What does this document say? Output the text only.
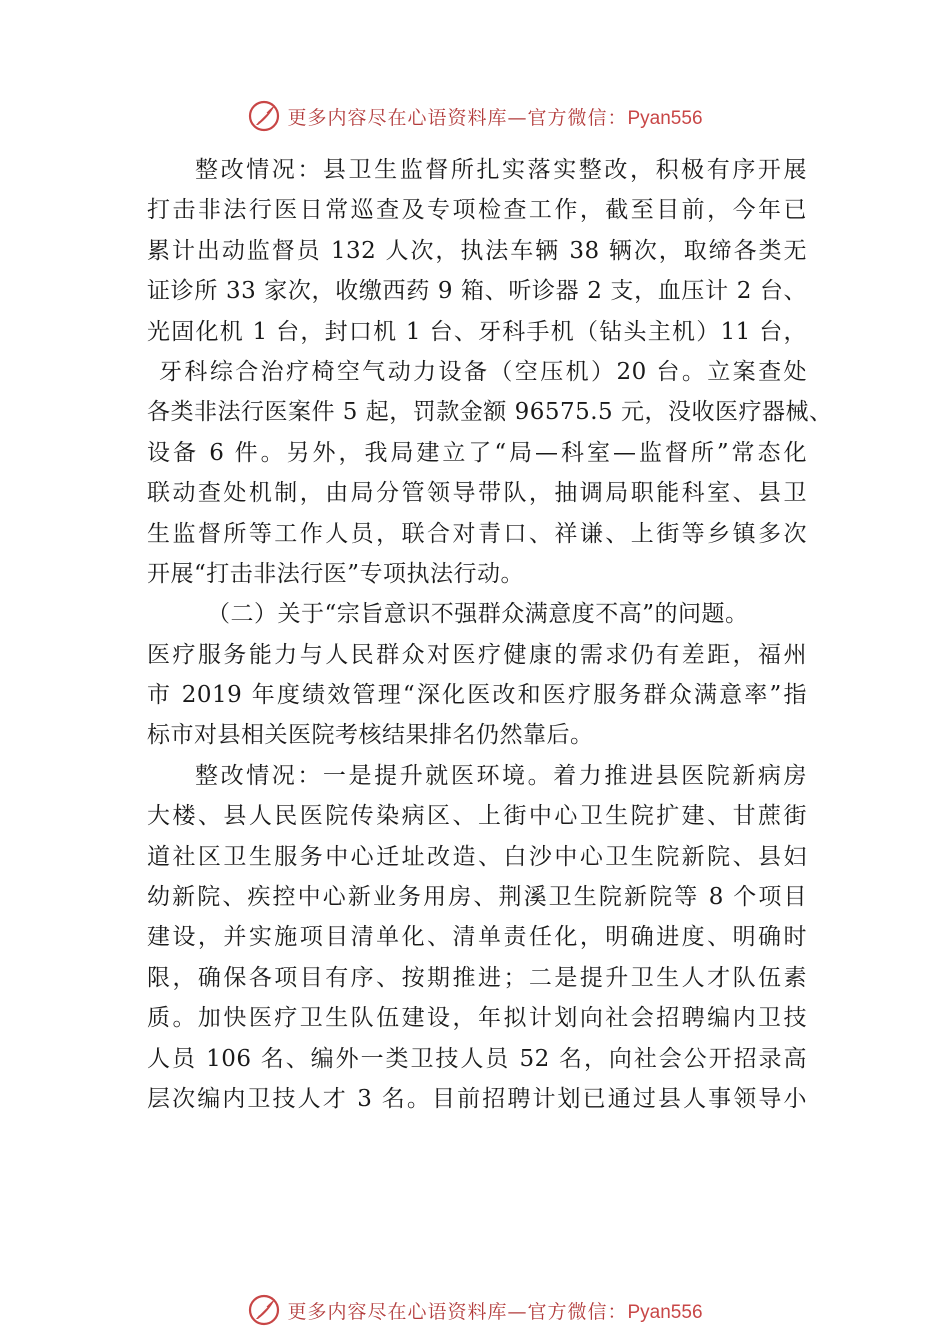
更多内容尽在心语资料库—官方微信：Pyan556
整改情况：县卫生监督所扎实落实整改，积极有序开展
打击非法行医日常巡查及专项检查工作，截至目前，今年已
累计出动监督员 132 人次，执法车辆 38 辆次，取缔各类无
证诊所 33 家次，收缴西药 9 箱、听诊器 2 支，血压计 2 台、
光固化机 1 台，封口机 1 台、牙科手机（钻头主机）11 台，
牙科综合治疗椅空气动力设备（空压机）20 台。立案查处
各类非法行医案件 5 起，罚款金额 96575.5 元，没收医疗器械、
设备 6 件。另外，我局建立了“局—科室—监督所”常态化
联动查处机制，由局分管领导带队，抽调局职能科室、县卫
生监督所等工作人员，联合对青口、祥谦、上街等乡镇多次
开展“打击非法行医”专项执法行动。
（二）关于“宗旨意识不强群众满意度不高”的问题。
医疗服务能力与人民群众对医疗健康的需求仍有差距，福州
市 2019 年度绩效管理“深化医改和医疗服务群众满意率”指
标市对县相关医院考核结果排名仍然靠后。
整改情况：一是提升就医环境。着力推进县医院新病房
大楼、县人民医院传染病区、上街中心卫生院扩建、甘蔗街
道社区卫生服务中心迁址改造、白沙中心卫生院新院、县妇
幼新院、疾控中心新业务用房、荆溪卫生院新院等 8 个项目
建设，并实施项目清单化、清单责任化，明确进度、明确时
限，确保各项目有序、按期推进；二是提升卫生人才队伍素
质。加快医疗卫生队伍建设，年拟计划向社会招聘编内卫技
人员 106 名、编外一类卫技人员 52 名，向社会公开招录高
层次编内卫技人才 3 名。目前招聘计划已通过县人事领导小
更多内容尽在心语资料库—官方微信：Pyan556
